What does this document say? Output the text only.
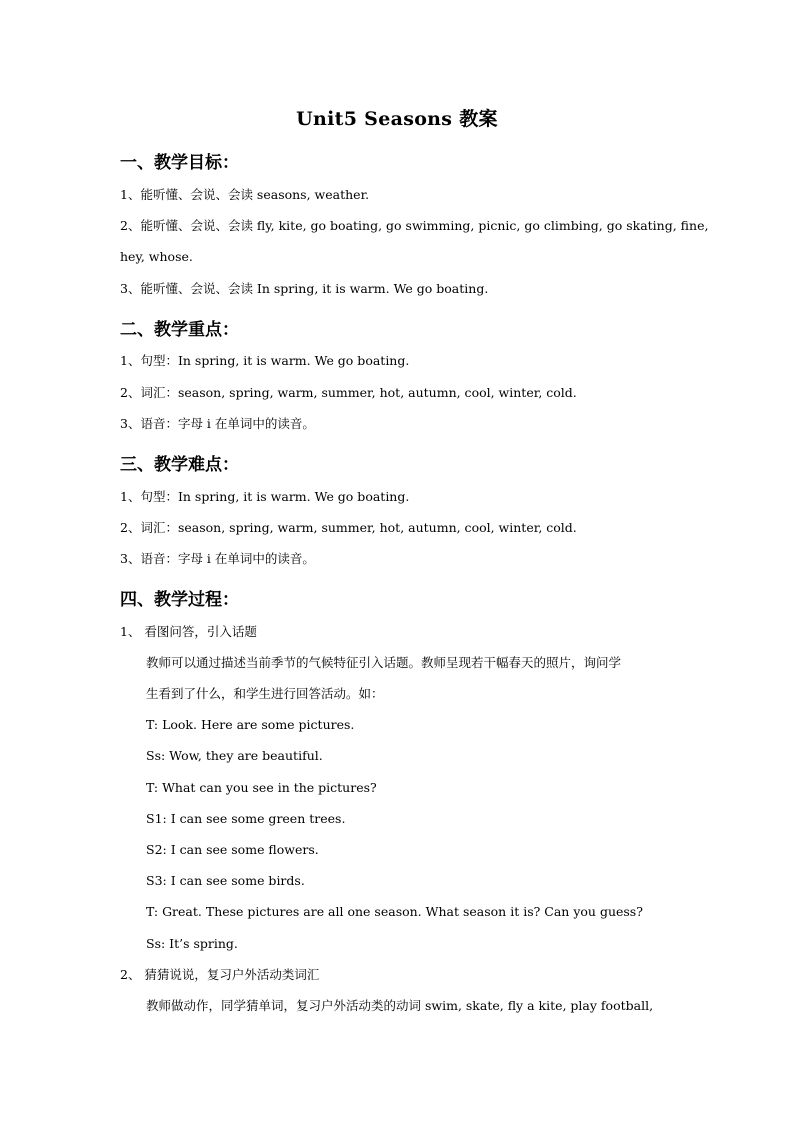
Unit5 Seasons 教案
一、教学目标：
1、能听懂、会说、会读 seasons, weather.
2、能听懂、会说、会读 fly, kite, go boating, go swimming, picnic, go climbing, go skating, fine,
hey, whose.
3、能听懂、会说、会读 In spring, it is warm. We go boating.
二、教学重点：
1、句型：In spring, it is warm. We go boating.
2、词汇：season, spring, warm, summer, hot, autumn, cool, winter, cold.
3、语音：字母 i 在单词中的读音。
三、教学难点：
1、句型：In spring, it is warm. We go boating.
2、词汇：season, spring, warm, summer, hot, autumn, cool, winter, cold.
3、语音：字母 i 在单词中的读音。
四、教学过程：
1、 看图问答，引入话题
教师可以通过描述当前季节的气候特征引入话题。教师呈现若干幅春天的照片，询问学
生看到了什么，和学生进行回答活动。如：
T: Look. Here are some pictures.
Ss: Wow, they are beautiful.
T: What can you see in the pictures?
S1: I can see some green trees.
S2: I can see some flowers.
S3: I can see some birds.
T: Great. These pictures are all one season. What season it is? Can you guess?
Ss: It’s spring.
2、 猜猜说说，复习户外活动类词汇
教师做动作，同学猜单词，复习户外活动类的动词 swim, skate, fly a kite, play football,
